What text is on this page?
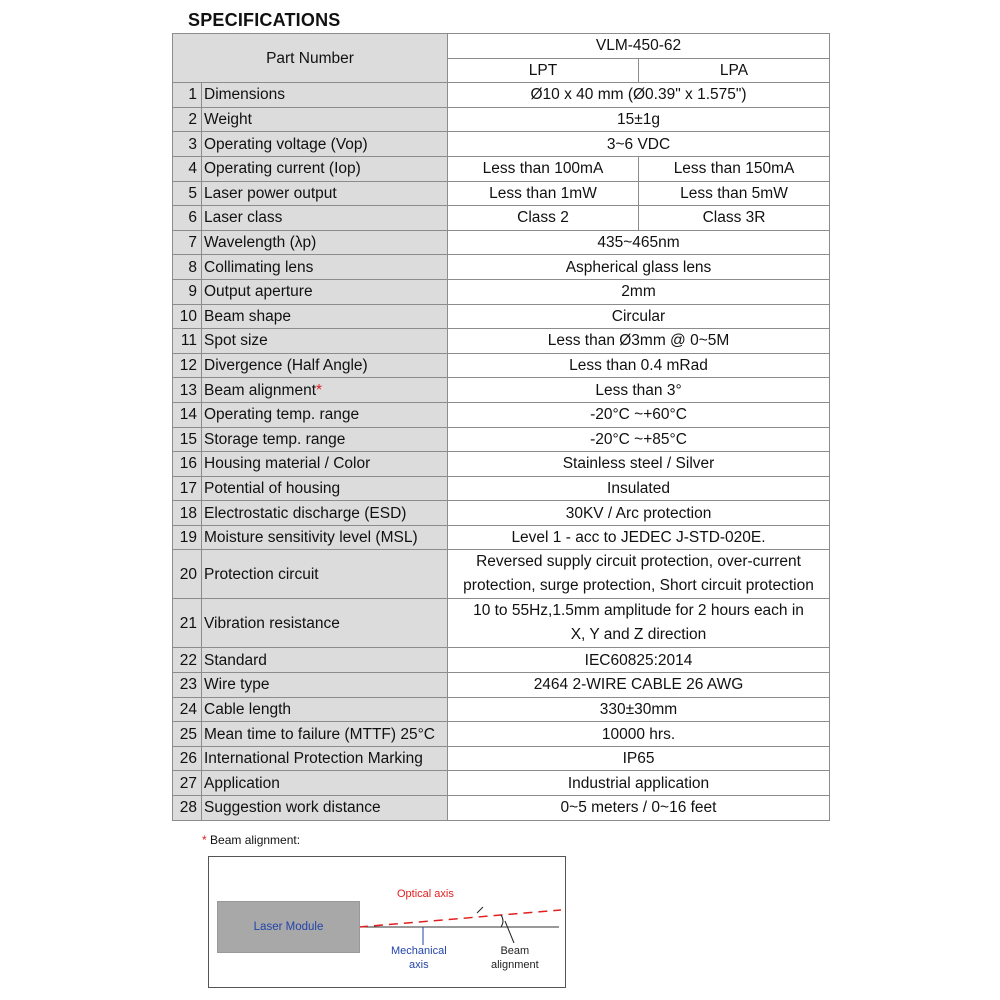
SPECIFICATIONS
Part Number		VLM-450-62	
		LPT	LPA
1	Dimensions	Ø10 x 40 mm (Ø0.39" x 1.575")	
2	Weight	15±1g	
3	Operating voltage (Vop)	3~6 VDC	
4	Operating current (Iop)	Less than 100mA	Less than 150mA
5	Laser power output	Less than 1mW	Less than 5mW
6	Laser class	Class 2	Class 3R
7	Wavelength (λp)	435~465nm	
8	Collimating lens	Aspherical glass lens	
9	Output aperture	2mm	
10	Beam shape	Circular	
11	Spot size	Less than Ø3mm @ 0~5M	
12	Divergence (Half Angle)	Less than 0.4 mRad	
13	Beam alignment*	Less than 3°	
14	Operating temp. range	-20°C ~+60°C	
15	Storage temp. range	-20°C ~+85°C	
16	Housing material / Color	Stainless steel / Silver	
17	Potential of housing	Insulated	
18	Electrostatic discharge (ESD)	30KV / Arc protection	
19	Moisture sensitivity level (MSL)	Level 1 - acc to JEDEC J-STD-020E.	
20	Protection circuit	Reversed supply circuit protection, over-current
protection, surge protection, Short circuit protection	

21	Vibration resistance	10 to 55Hz,1.5mm amplitude for 2 hours each in
X, Y and Z direction	

22	Standard	IEC60825:2014	
23	Wire type	2464 2-WIRE CABLE 26 AWG	
24	Cable length	330±30mm	
25	Mean time to failure (MTTF) 25°C	10000 hrs.	
26	International Protection Marking	IP65	
27	Application	Industrial application	
28	Suggestion work distance	0~5 meters / 0~16 feet	
* Beam alignment:
Laser Module
Optical axis
Mechanical
axis
Beam
alignment
